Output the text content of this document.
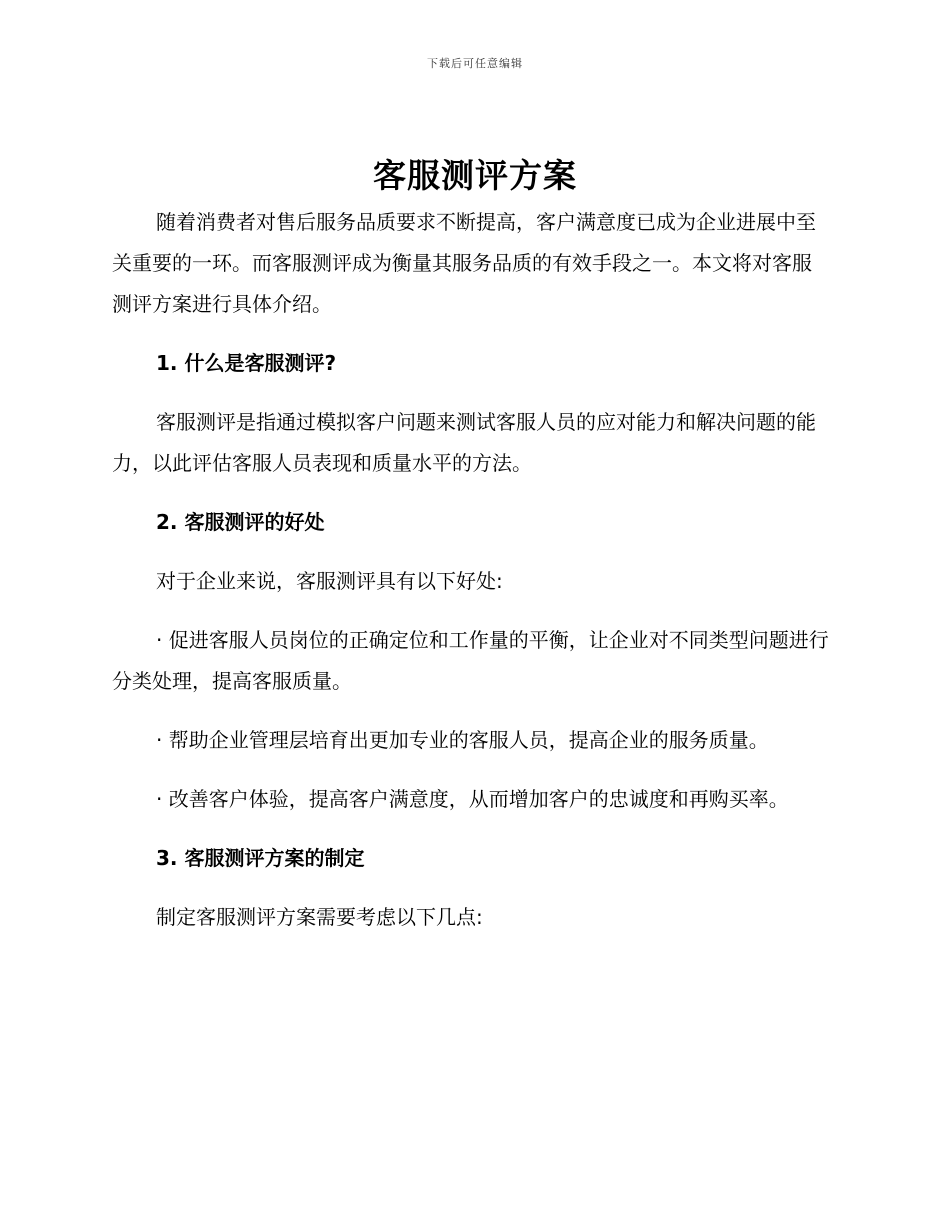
下载后可任意编辑
客服测评方案

随着消费者对售后服务品质要求不断提高，客户满意度已成为企业进展中至关重要的一环。而客服测评成为衡量其服务品质的有效手段之一。本文将对客服测评方案进行具体介绍。

1. 什么是客服测评?

客服测评是指通过模拟客户问题来测试客服人员的应对能力和解决问题的能力，以此评估客服人员表现和质量水平的方法。

2. 客服测评的好处

对于企业来说，客服测评具有以下好处:

· 促进客服人员岗位的正确定位和工作量的平衡，让企业对不同类型问题进行分类处理，提高客服质量。

· 帮助企业管理层培育出更加专业的客服人员，提高企业的服务质量。

· 改善客户体验，提高客户满意度，从而增加客户的忠诚度和再购买率。

3. 客服测评方案的制定

制定客服测评方案需要考虑以下几点:
